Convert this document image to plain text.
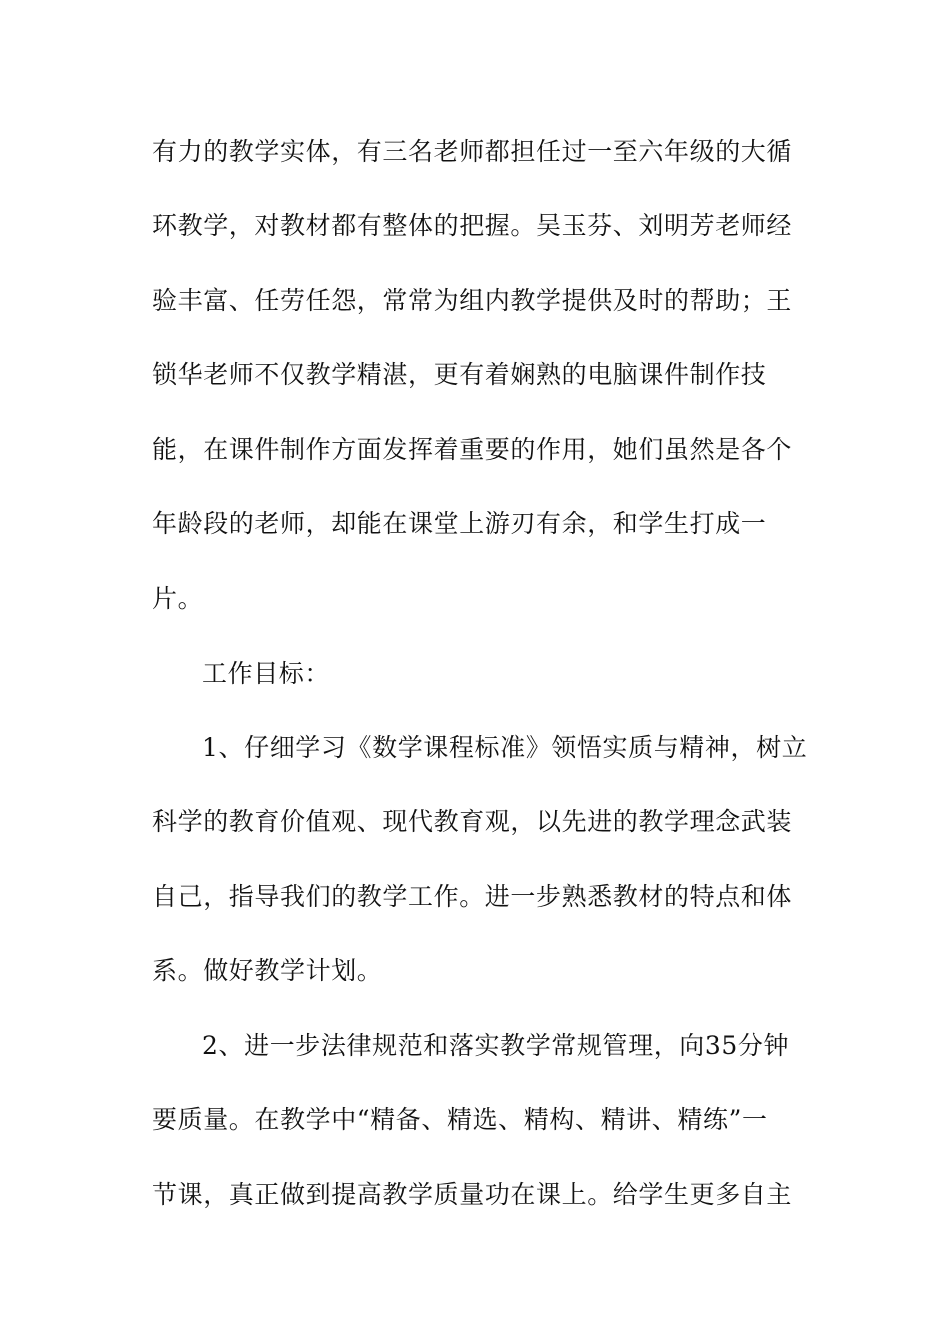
有力的教学实体，有三名老师都担任过一至六年级的大循
环教学，对教材都有整体的把握。吴玉芬、刘明芳老师经
验丰富、任劳任怨，常常为组内教学提供及时的帮助；王
锁华老师不仅教学精湛，更有着娴熟的电脑课件制作技
能，在课件制作方面发挥着重要的作用，她们虽然是各个
年龄段的老师，却能在课堂上游刃有余，和学生打成一
片。
工作目标：
1、仔细学习《数学课程标准》领悟实质与精神，树立
科学的教育价值观、现代教育观，以先进的教学理念武装
自己，指导我们的教学工作。进一步熟悉教材的特点和体
系。做好教学计划。
2、进一步法律规范和落实教学常规管理，向35分钟
要质量。在教学中“精备、精选、精构、精讲、精练”一
节课，真正做到提高教学质量功在课上。给学生更多自主
